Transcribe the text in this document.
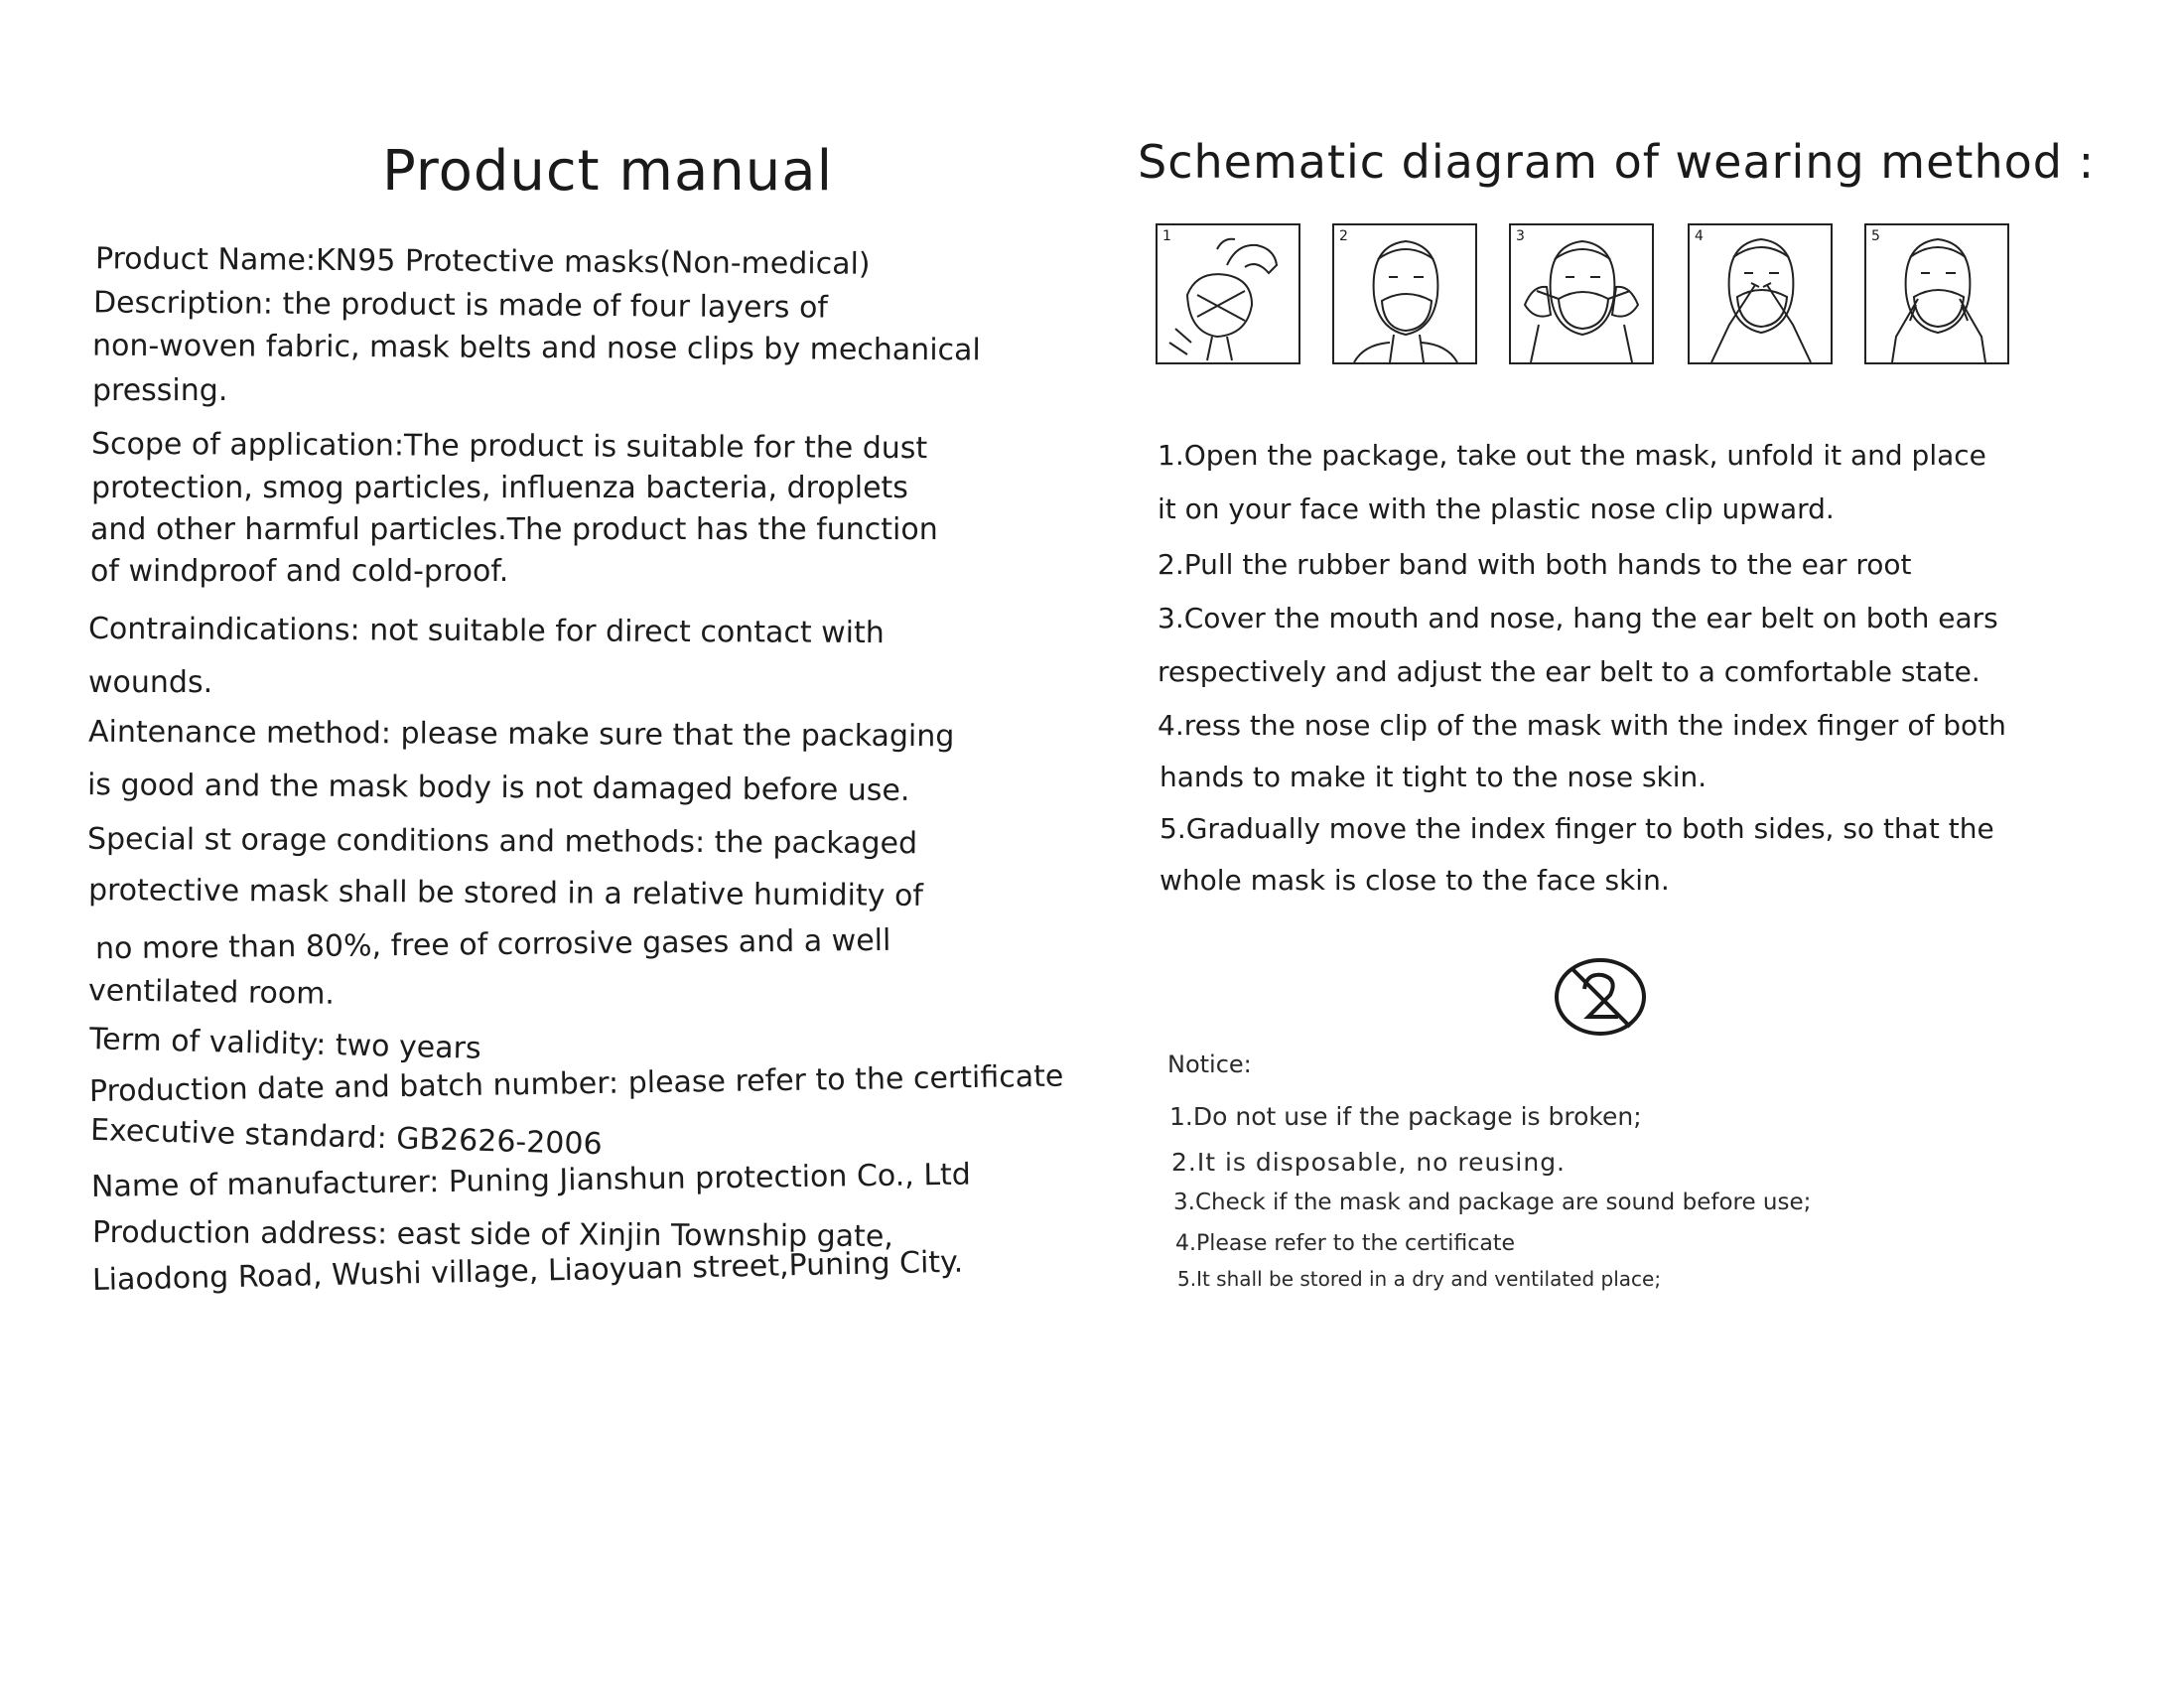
Product manual
Product Name:KN95 Protective masks(Non-medical)
Description: the product is made of four layers of
non-woven fabric, mask belts and nose clips by mechanical
pressing.
Scope of application:The product is suitable for the dust
protection, smog particles, influenza bacteria, droplets
and other harmful particles.The product has the function
of windproof and cold-proof.
Contraindications: not suitable for direct contact with
wounds.
Aintenance method: please make sure that the packaging
is good and the mask body is not damaged before use.
Special st orage conditions and methods: the packaged
protective mask shall be stored in a relative humidity of
no more than 80%, free of corrosive gases and a well
ventilated room.
Term of validity: two years
Production date and batch number: please refer to the certificate
Executive standard: GB2626-2006
Name of manufacturer: Puning Jianshun protection Co., Ltd
Production address: east side of Xinjin Township gate,
Liaodong Road, Wushi village, Liaoyuan street,Puning City.
Schematic diagram of wearing method :
1	2	3	4	5
1.Open the package, take out the mask, unfold it and place
it on your face with the plastic nose clip upward.
2.Pull the rubber band with both hands to the ear root
3.Cover the mouth and nose, hang the ear belt on both ears
respectively and adjust the ear belt to a comfortable state.
4.ress the nose clip of the mask with the index finger of both
hands to make it tight to the nose skin.
5.Gradually move the index finger to both sides, so that the
whole mask is close to the face skin.
Notice:
1.Do not use if the package is broken;
2.It is disposable, no reusing.
3.Check if the mask and package are sound before use;
4.Please refer to the certificate
5.It shall be stored in a dry and ventilated place;
